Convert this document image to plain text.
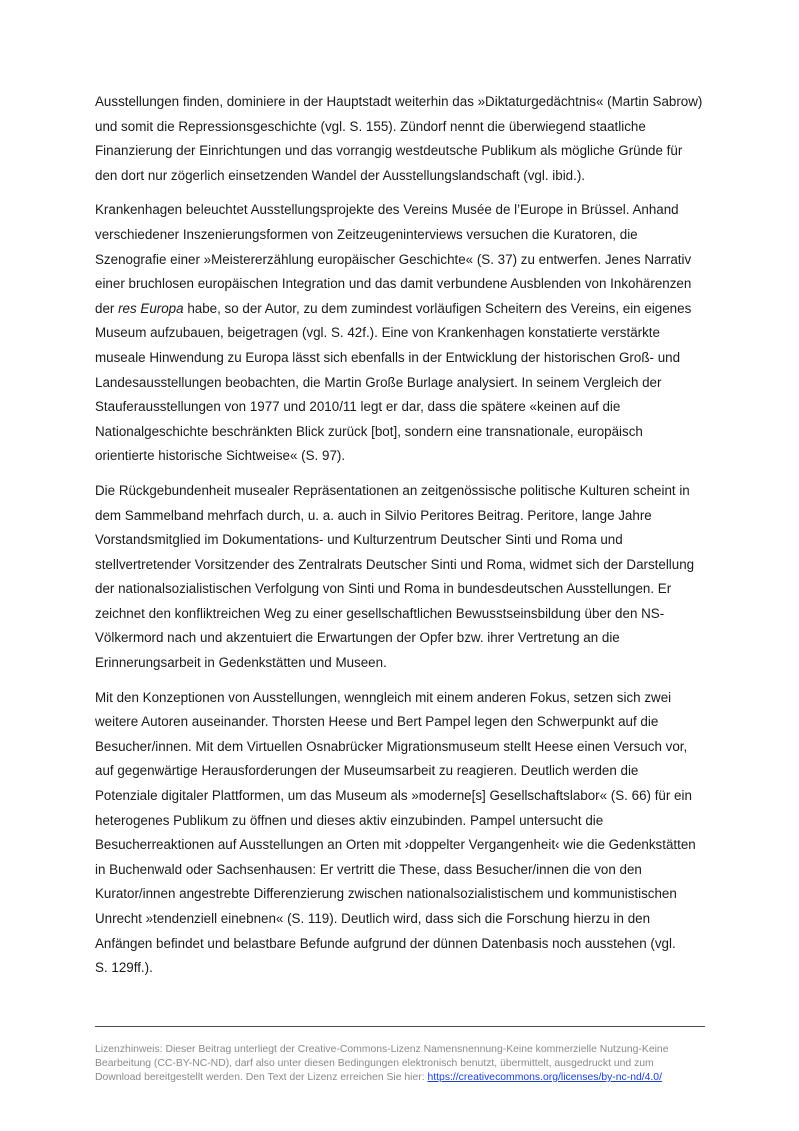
Ausstellungen finden, dominiere in der Hauptstadt weiterhin das »Diktaturgedächtnis« (Martin Sabrow)
und somit die Repressionsgeschichte (vgl. S. 155). Zündorf nennt die überwiegend staatliche
Finanzierung der Einrichtungen und das vorrangig westdeutsche Publikum als mögliche Gründe für
den dort nur zögerlich einsetzenden Wandel der Ausstellungslandschaft (vgl. ibid.).
Krankenhagen beleuchtet Ausstellungsprojekte des Vereins Musée de l’Europe in Brüssel. Anhand
verschiedener Inszenierungsformen von Zeitzeugeninterviews versuchen die Kuratoren, die
Szenografie einer »Meistererzählung europäischer Geschichte« (S. 37) zu entwerfen. Jenes Narrativ
einer bruchlosen europäischen Integration und das damit verbundene Ausblenden von Inkohärenzen
der res Europa habe, so der Autor, zu dem zumindest vorläufigen Scheitern des Vereins, ein eigenes
Museum aufzubauen, beigetragen (vgl. S. 42f.). Eine von Krankenhagen konstatierte verstärkte
museale Hinwendung zu Europa lässt sich ebenfalls in der Entwicklung der historischen Groß- und
Landesausstellungen beobachten, die Martin Große Burlage analysiert. In seinem Vergleich der
Stauferausstellungen von 1977 und 2010/11 legt er dar, dass die spätere «keinen auf die
Nationalgeschichte beschränkten Blick zurück [bot], sondern eine transnationale, europäisch
orientierte historische Sichtweise« (S. 97).
Die Rückgebundenheit musealer Repräsentationen an zeitgenössische politische Kulturen scheint in
dem Sammelband mehrfach durch, u. a. auch in Silvio Peritores Beitrag. Peritore, lange Jahre
Vorstandsmitglied im Dokumentations- und Kulturzentrum Deutscher Sinti und Roma und
stellvertretender Vorsitzender des Zentralrats Deutscher Sinti und Roma, widmet sich der Darstellung
der nationalsozialistischen Verfolgung von Sinti und Roma in bundesdeutschen Ausstellungen. Er
zeichnet den konfliktreichen Weg zu einer gesellschaftlichen Bewusstseinsbildung über den NS-
Völkermord nach und akzentuiert die Erwartungen der Opfer bzw. ihrer Vertretung an die
Erinnerungsarbeit in Gedenkstätten und Museen.
Mit den Konzeptionen von Ausstellungen, wenngleich mit einem anderen Fokus, setzen sich zwei
weitere Autoren auseinander. Thorsten Heese und Bert Pampel legen den Schwerpunkt auf die
Besucher/innen. Mit dem Virtuellen Osnabrücker Migrationsmuseum stellt Heese einen Versuch vor,
auf gegenwärtige Herausforderungen der Museumsarbeit zu reagieren. Deutlich werden die
Potenziale digitaler Plattformen, um das Museum als »moderne[s] Gesellschaftslabor« (S. 66) für ein
heterogenes Publikum zu öffnen und dieses aktiv einzubinden. Pampel untersucht die
Besucherreaktionen auf Ausstellungen an Orten mit ›doppelter Vergangenheit‹ wie die Gedenkstätten
in Buchenwald oder Sachsenhausen: Er vertritt die These, dass Besucher/innen die von den
Kurator/innen angestrebte Differenzierung zwischen nationalsozialistischem und kommunistischen
Unrecht »tendenziell einebnen« (S. 119). Deutlich wird, dass sich die Forschung hierzu in den
Anfängen befindet und belastbare Befunde aufgrund der dünnen Datenbasis noch ausstehen (vgl.
S. 129ff.).
Lizenzhinweis: Dieser Beitrag unterliegt der Creative-Commons-Lizenz Namensnennung-Keine kommerzielle Nutzung-Keine
Bearbeitung (CC-BY-NC-ND), darf also unter diesen Bedingungen elektronisch benutzt, übermittelt, ausgedruckt und zum
Download bereitgestellt werden. Den Text der Lizenz erreichen Sie hier: https://creativecommons.org/licenses/by-nc-nd/4.0/
